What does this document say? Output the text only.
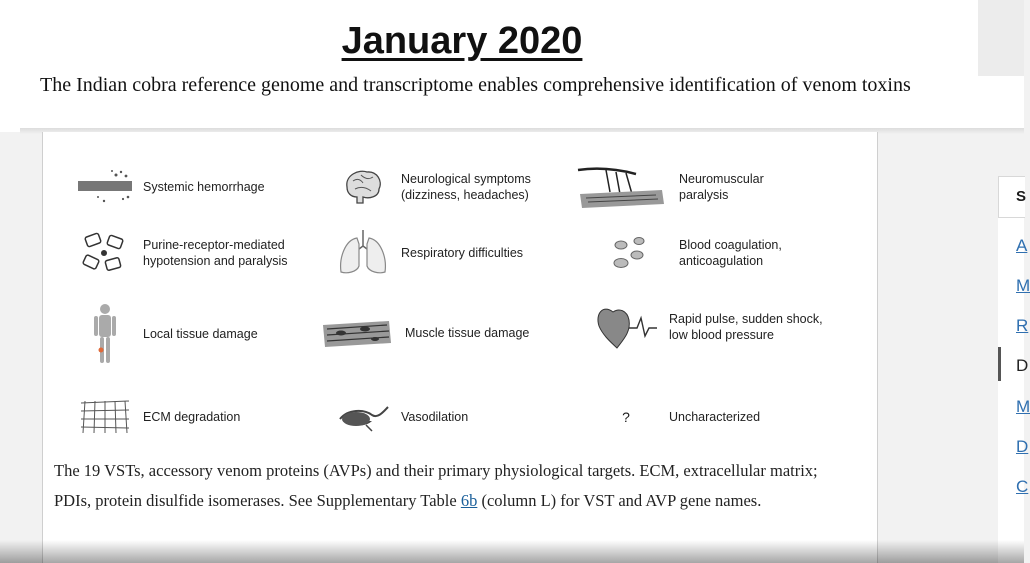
January 2020
The Indian cobra reference genome and transcriptome enables comprehensive identification of venom toxins
Systemic hemorrhage
Neurological symptoms
(dizziness, headaches)
Neuromuscular
paralysis
Purine-receptor-mediated
hypotension and paralysis
Respiratory difficulties
Blood coagulation,
anticoagulation
Local tissue damage	Muscle tissue damage
Rapid pulse, sudden shock,
low blood pressure
ECM degradation	Vasodilation	?	Uncharacterized
The 19 VSTs, accessory venom proteins (AVPs) and their primary physiological targets. ECM, extracellular matrix; PDIs, protein disulfide isomerases. See Supplementary Table 6b (column L) for VST and AVP gene names.
S
A
M
R
D
M
D
C
